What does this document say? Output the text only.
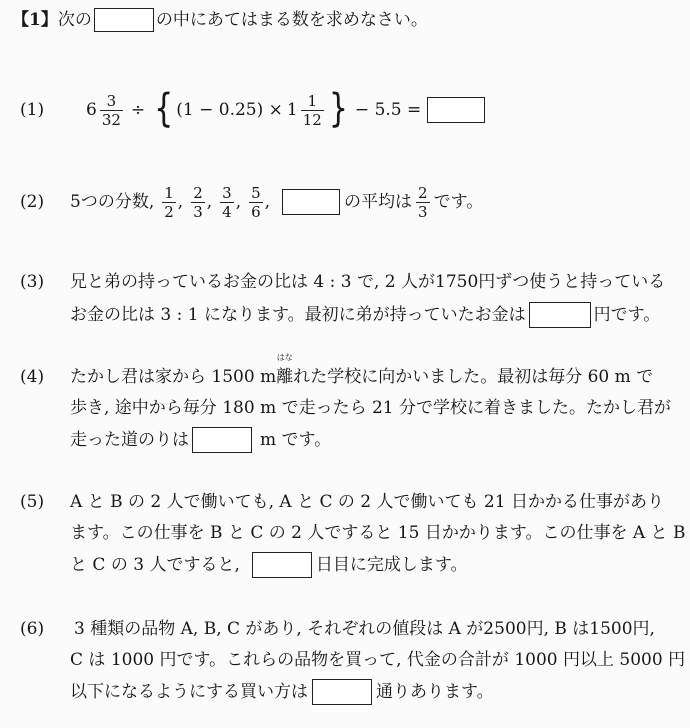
【1】 次の	の中にあてはまる数を求めなさい。
(1)	$6 \frac{3}{32}$ ÷ { $(1 - 0.25) \times 1 \frac{1}{12}$ } − 5.5 =
(2)	5つの分数, $\frac{1}{2}$ , $\frac{2}{3}$ , $\frac{3}{4}$ , $\frac{5}{6}$ ,	の平均は $\frac{2}{3}$ です。
(3)	兄と弟の持っているお金の比は 4 : 3 で, 2 人が1750円ずつ使うと持っている
お金の比は 3 : 1 になります。最初に弟が持っていたお金は	円です。
(4)	たかし君は家から 1500 m 離
はな
れた学校に向かいました。最初は毎分 60 m で
歩き, 途中から毎分 180 m で走ったら 21 分で学校に着きました。たかし君が
走った道のりは	m です。
(5)	A と B の 2 人で働いても, A と C の 2 人で働いても 21 日かかる仕事があり
ます。この仕事を B と C の 2 人ですると 15 日かかります。この仕事を A と B
と C の 3 人ですると,	日目に完成します。
(6)	3 種類の品物 A, B, C があり, それぞれの値段は A が2500円, B は1500円,
C は 1000 円です。これらの品物を買って, 代金の合計が 1000 円以上 5000 円
以下になるようにする買い方は	通りあります。
